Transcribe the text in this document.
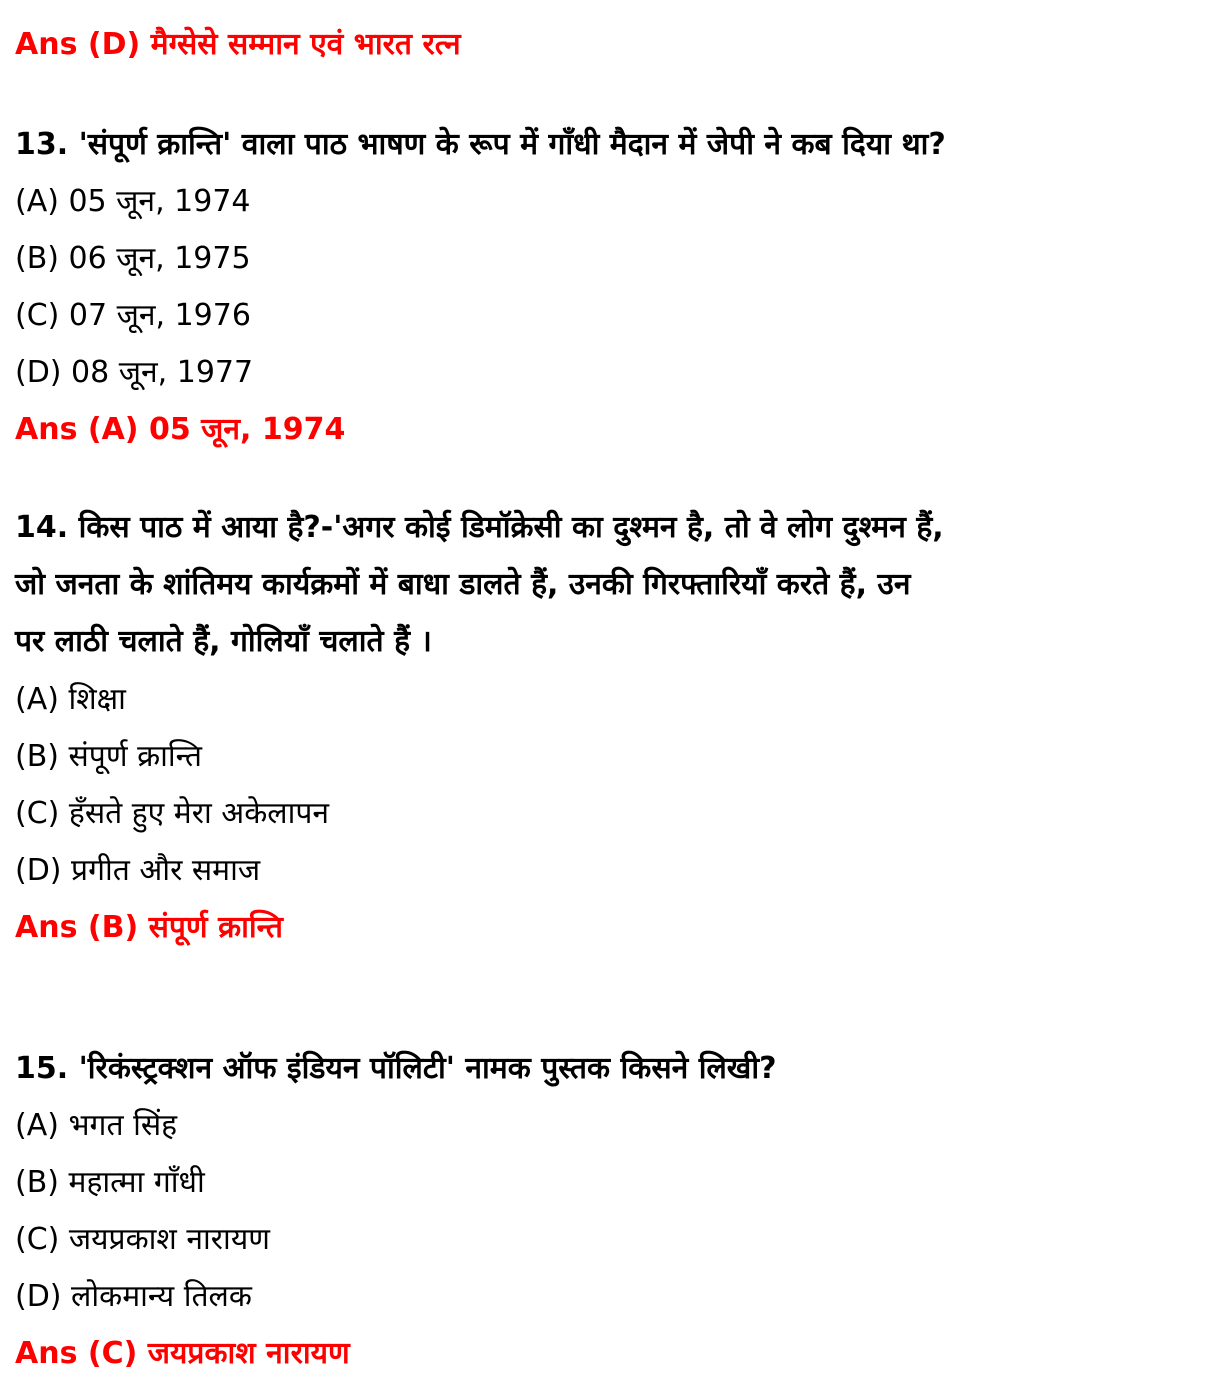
Ans (D) मैग्सेसे सम्मान एवं भारत रत्न
13. 'संपूर्ण क्रान्ति' वाला पाठ भाषण के रूप में गाँधी मैदान में जेपी ने कब दिया था?
(A) 05 जून, 1974
(B) 06 जून, 1975
(C) 07 जून, 1976
(D) 08 जून, 1977
Ans (A) 05 जून, 1974
14. किस पाठ में आया है?-'अगर कोई डिमॉक्रेसी का दुश्मन है, तो वे लोग दुश्मन हैं,
जो जनता के शांतिमय कार्यक्रमों में बाधा डालते हैं, उनकी गिरफ्तारियाँ करते हैं, उन
पर लाठी चलाते हैं, गोलियाँ चलाते हैं ।
(A) शिक्षा
(B) संपूर्ण क्रान्ति
(C) हँसते हुए मेरा अकेलापन
(D) प्रगीत और समाज
Ans (B) संपूर्ण क्रान्ति
15. 'रिकंस्ट्रक्शन ऑफ इंडियन पॉलिटी' नामक पुस्तक किसने लिखी?
(A) भगत सिंह
(B) महात्मा गाँधी
(C) जयप्रकाश नारायण
(D) लोकमान्य तिलक
Ans (C) जयप्रकाश नारायण
